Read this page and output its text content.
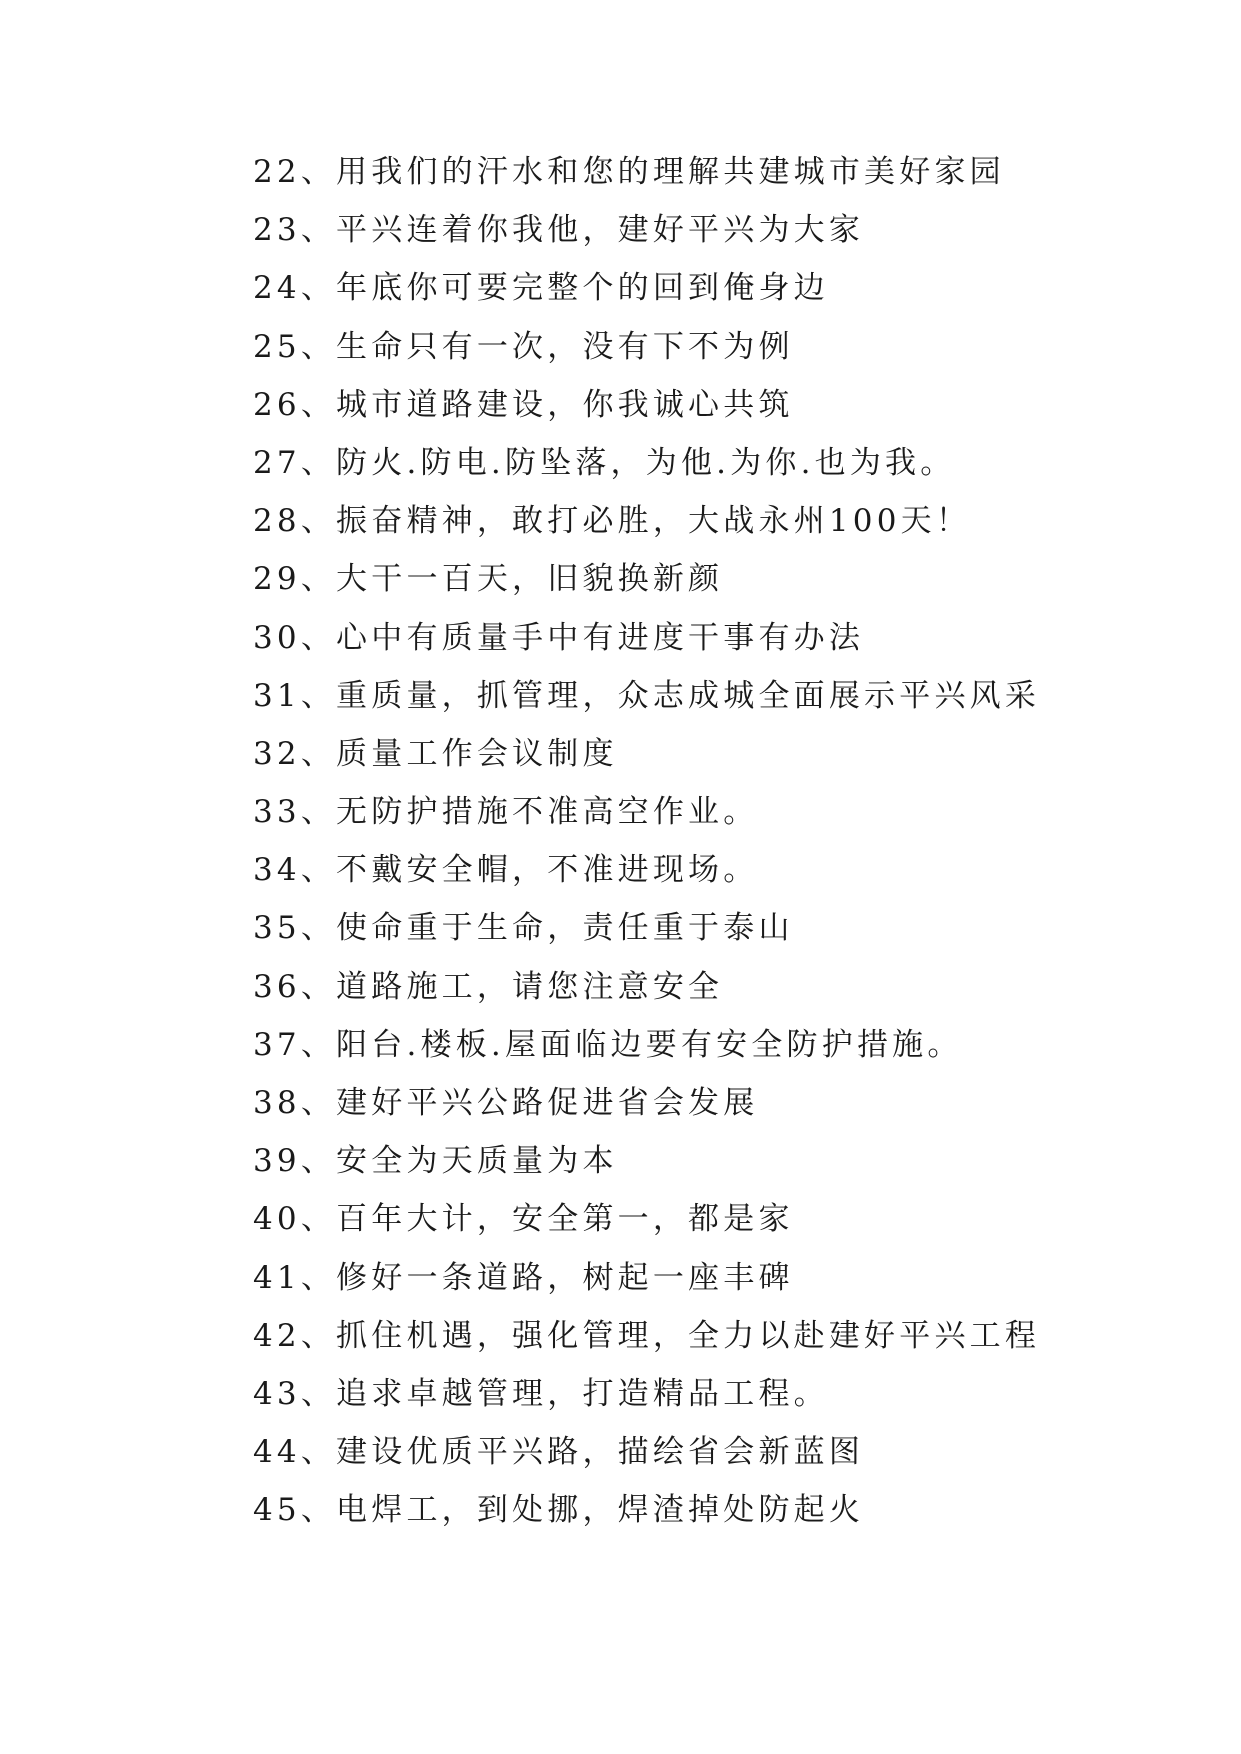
22、用我们的汗水和您的理解共建城市美好家园
23、平兴连着你我他，建好平兴为大家
24、年底你可要完整个的回到俺身边
25、生命只有一次，没有下不为例
26、城市道路建设，你我诚心共筑
27、防火.防电.防坠落，为他.为你.也为我。
28、振奋精神，敢打必胜，大战永州100天！
29、大干一百天，旧貌换新颜
30、心中有质量手中有进度干事有办法
31、重质量，抓管理，众志成城全面展示平兴风采
32、质量工作会议制度
33、无防护措施不准高空作业。
34、不戴安全帽，不准进现场。
35、使命重于生命，责任重于泰山
36、道路施工，请您注意安全
37、阳台.楼板.屋面临边要有安全防护措施。
38、建好平兴公路促进省会发展
39、安全为天质量为本
40、百年大计，安全第一，都是家
41、修好一条道路，树起一座丰碑
42、抓住机遇，强化管理，全力以赴建好平兴工程
43、追求卓越管理，打造精品工程。
44、建设优质平兴路，描绘省会新蓝图
45、电焊工，到处挪，焊渣掉处防起火
